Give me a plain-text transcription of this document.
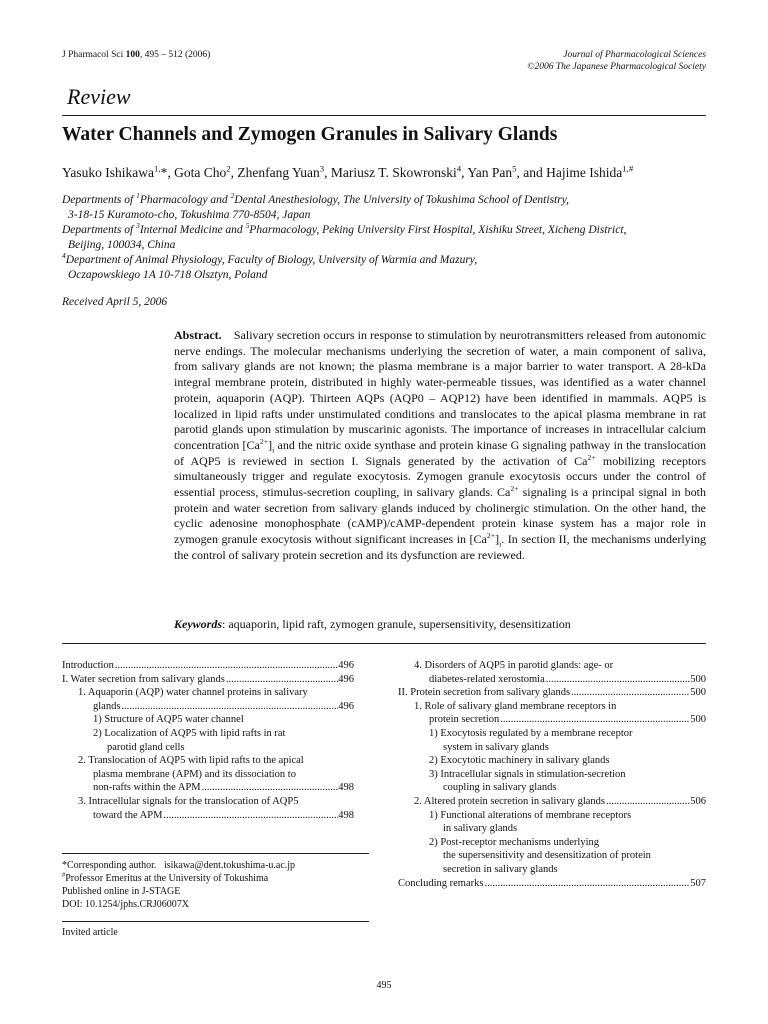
J Pharmacol Sci 100, 495 – 512 (2006)	Journal of Pharmacological Sciences
©2006 The Japanese Pharmacological Society
Review
Water Channels and Zymogen Granules in Salivary Glands
Yasuko Ishikawa$^{1,}$*, Gota Cho$^2$, Zhenfang Yuan$^3$, Mariusz T. Skowronski$^4$, Yan Pan$^5$, and Hajime Ishida$^{1,\#}$
Departments of $^1$Pharmacology and $^2$Dental Anesthesiology, The University of Tokushima School of Dentistry,
3-18-15 Kuramoto-cho, Tokushima 770-8504, Japan
Departments of $^3$Internal Medicine and $^5$Pharmacology, Peking University First Hospital, Xishiku Street, Xicheng District,
Beijing, 100034, China
$^4$Department of Animal Physiology, Faculty of Biology, University of Warmia and Mazury,
Oczapowskiego 1A 10-718 Olsztyn, Poland
Received April 5, 2006
Abstract. Salivary secretion occurs in response to stimulation by neurotransmitters released from autonomic nerve endings. The molecular mechanisms underlying the secretion of water, a main component of saliva, from salivary glands are not known; the plasma membrane is a major barrier to water transport. A 28-kDa integral membrane protein, distributed in highly water-permeable tissues, was identified as a water channel protein, aquaporin (AQP). Thirteen AQPs (AQP0 – AQP12) have been identified in mammals. AQP5 is localized in lipid rafts under unstimulated conditions and translocates to the apical plasma membrane in rat parotid glands upon stimulation by muscarinic agonists. The importance of increases in intracellular calcium concentration $[Ca^{2+}]_i$ and the nitric oxide synthase and protein kinase G signaling pathway in the translocation of AQP5 is reviewed in section I. Signals generated by the activation of $Ca^{2+}$ mobilizing receptors simultaneously trigger and regulate exocytosis. Zymogen granule exocytosis occurs under the control of essential process, stimulus-secretion coupling, in salivary glands. $Ca^{2+}$ signaling is a principal signal in both protein and water secretion from salivary glands induced by cholinergic stimulation. On the other hand, the cyclic adenosine monophosphate (cAMP)/cAMP-dependent protein kinase system has a major role in zymogen granule exocytosis without significant increases in $[Ca^{2+}]_i$. In section II, the mechanisms underlying the control of salivary protein secretion and its dysfunction are reviewed.
Keywords: aquaporin, lipid raft, zymogen granule, supersensitivity, desensitization
Introduction .....	496
I. Water secretion from salivary glands .....	496
1. Aquaporin (AQP) water channel proteins in salivary
glands .....	496
1) Structure of AQP5 water channel
2) Localization of AQP5 with lipid rafts in rat
parotid gland cells
2. Translocation of AQP5 with lipid rafts to the apical
plasma membrane (APM) and its dissociation to
non-rafts within the APM .....	498
3. Intracellular signals for the translocation of AQP5
toward the APM .....	498
4. Disorders of AQP5 in parotid glands: age- or
diabetes-related xerostomia .....	500
II. Protein secretion from salivary glands .....	500
1. Role of salivary gland membrane receptors in
protein secretion .....	500
1) Exocytosis regulated by a membrane receptor
system in salivary glands
2) Exocytotic machinery in salivary glands
3) Intracellular signals in stimulation-secretion
coupling in salivary glands
2. Altered protein secretion in salivary glands .....	506
1) Functional alterations of membrane receptors
in salivary glands
2) Post-receptor mechanisms underlying
the supersensitivity and desensitization of protein
secretion in salivary glands
Concluding remarks .....	507
*Corresponding author. isikawa@dent.tokushima-u.ac.jp
#Professor Emeritus at the University of Tokushima
Published online in J-STAGE
DOI: 10.1254/jphs.CRJ06007X
Invited article
495
